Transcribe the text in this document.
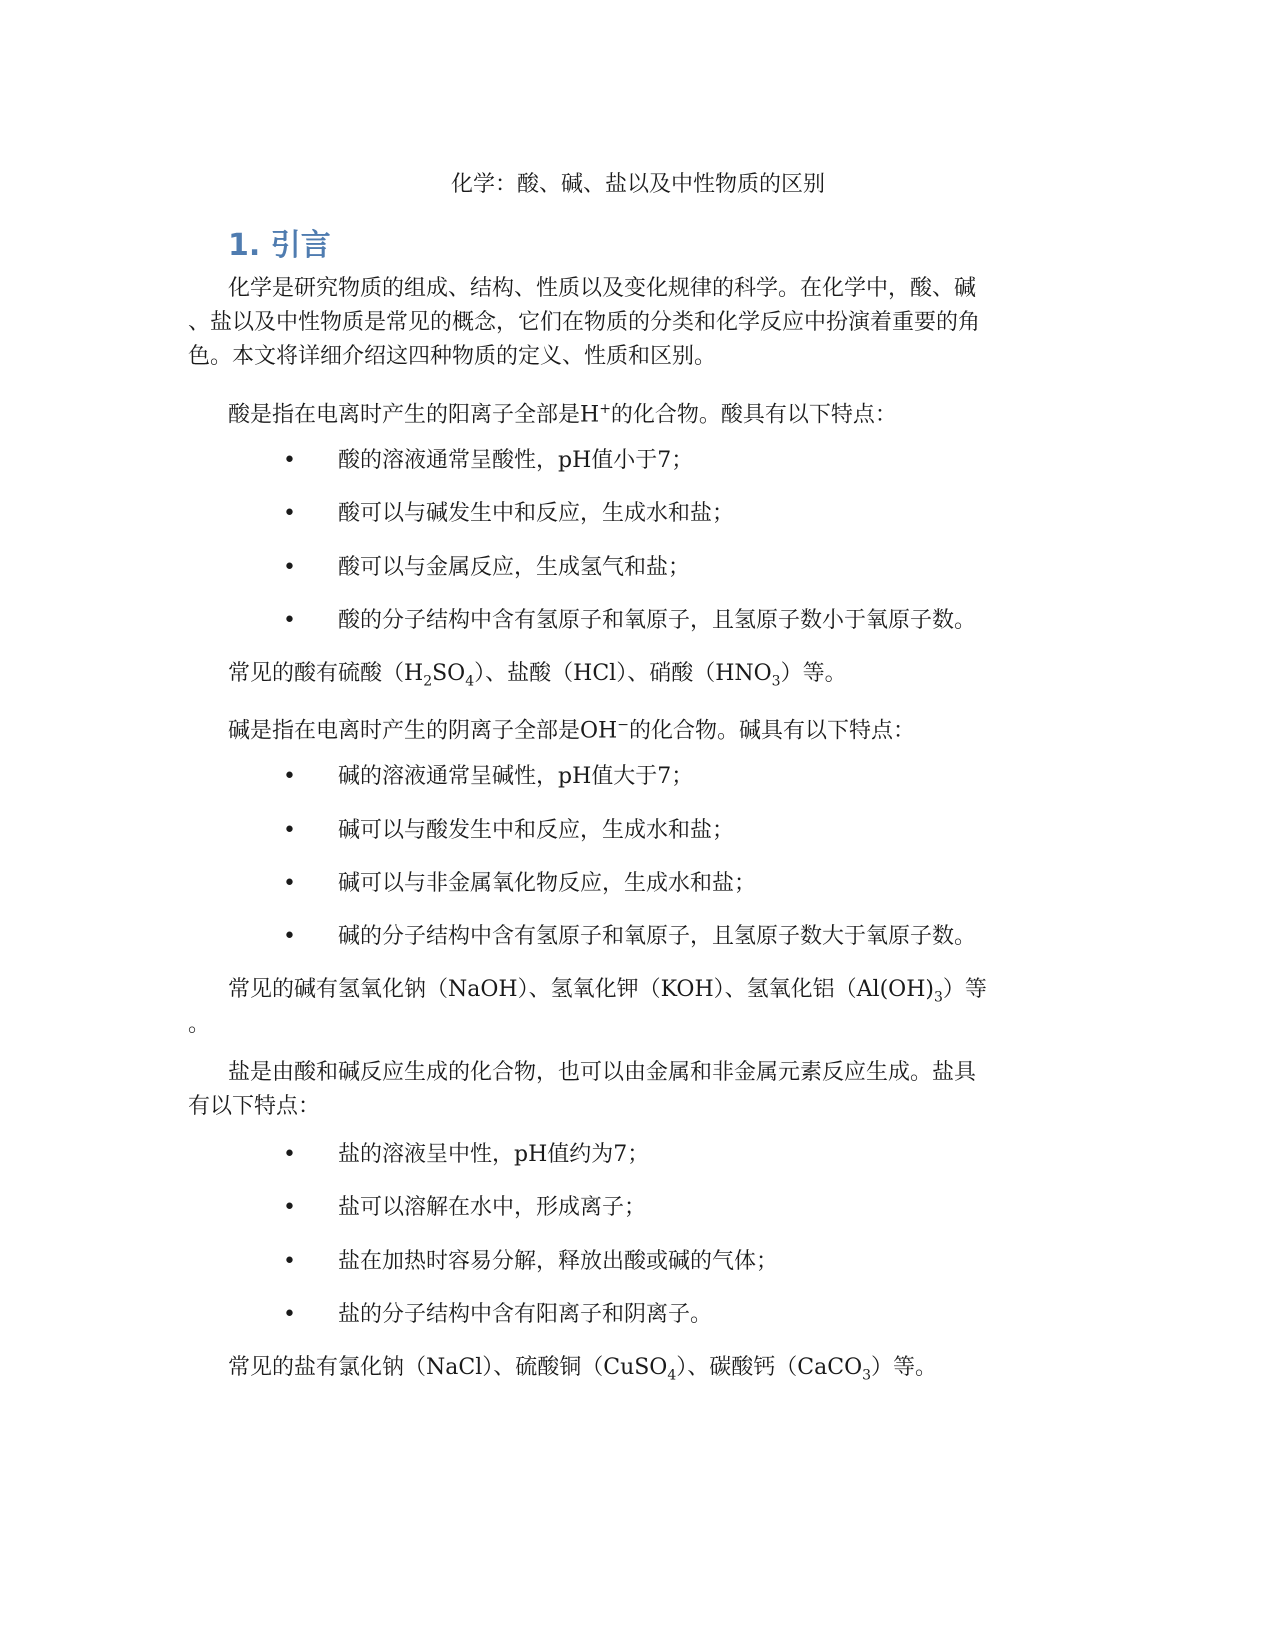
化学：酸、碱、盐以及中性物质的区别
1. 引言
化学是研究物质的组成、结构、性质以及变化规律的科学。在化学中，酸、碱
、盐以及中性物质是常见的概念，它们在物质的分类和化学反应中扮演着重要的角
色。本文将详细介绍这四种物质的定义、性质和区别。
酸是指在电离时产生的阳离子全部是H+的化合物。酸具有以下特点：
• 酸的溶液通常呈酸性，pH值小于7；
• 酸可以与碱发生中和反应，生成水和盐；
• 酸可以与金属反应，生成氢气和盐；
• 酸的分子结构中含有氢原子和氧原子，且氢原子数小于氧原子数。
常见的酸有硫酸$(H_2SO_4)$、盐酸（HCl）、硝酸$(HNO_3)$等。
碱是指在电离时产生的阴离子全部是OH−的化合物。碱具有以下特点：
• 碱的溶液通常呈碱性，pH值大于7；
• 碱可以与酸发生中和反应，生成水和盐；
• 碱可以与非金属氧化物反应，生成水和盐；
• 碱的分子结构中含有氢原子和氧原子，且氢原子数大于氧原子数。
常见的碱有氢氧化钠（NaOH）、氢氧化钾（KOH）、氢氧化铝$(Al(OH)_3)$等
。
盐是由酸和碱反应生成的化合物，也可以由金属和非金属元素反应生成。盐具
有以下特点：
• 盐的溶液呈中性，pH值约为7；
• 盐可以溶解在水中，形成离子；
• 盐在加热时容易分解，释放出酸或碱的气体；
• 盐的分子结构中含有阳离子和阴离子。
常见的盐有氯化钠（NaCl）、硫酸铜（CuSO$_4$）、碳酸钙（CaCO$_3$）等。
